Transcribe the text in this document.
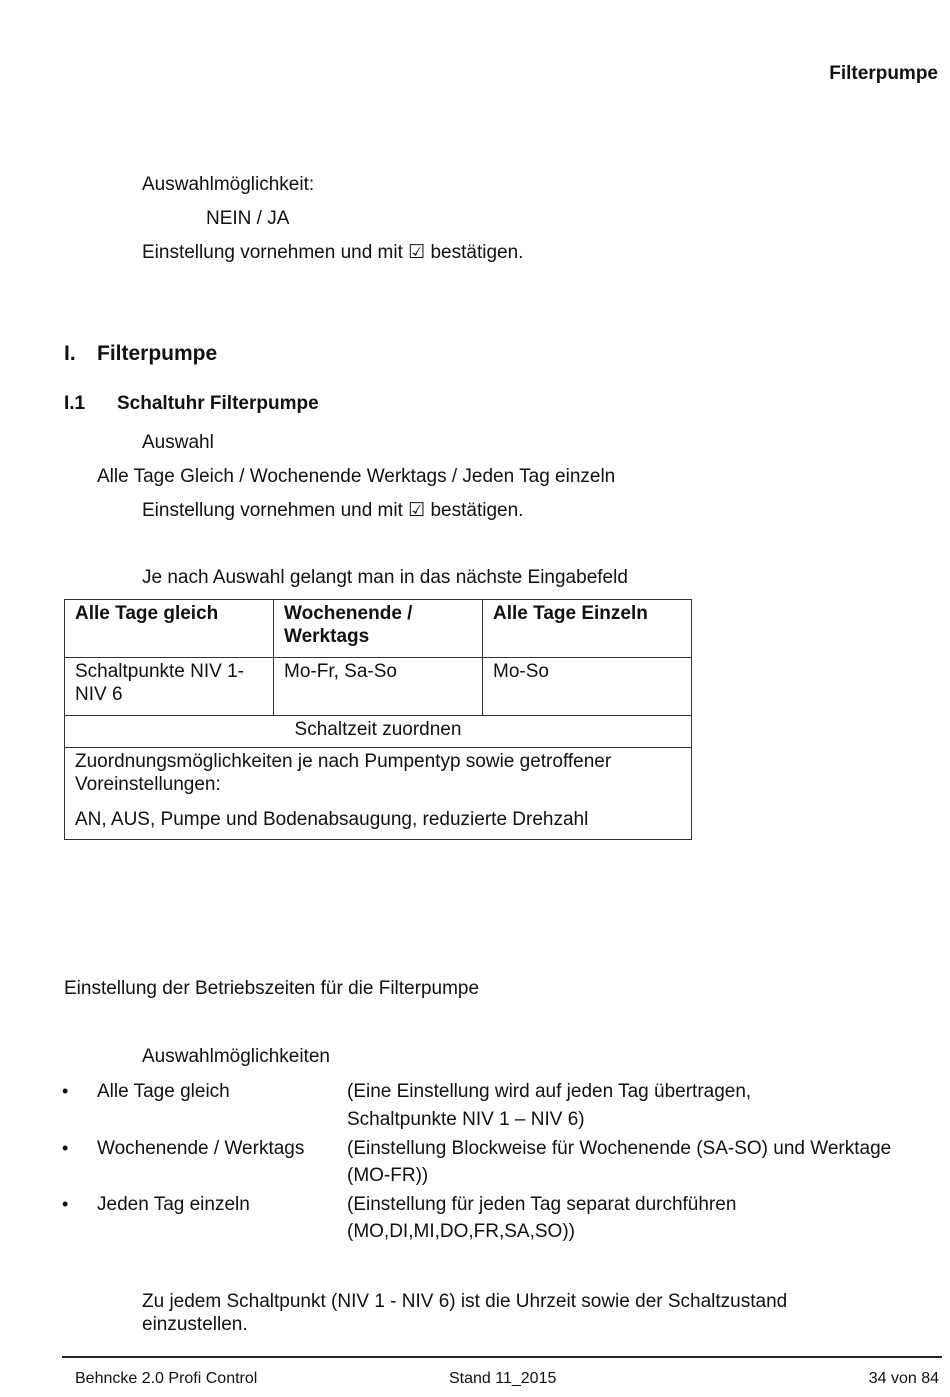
Filterpumpe
Auswahlmöglichkeit:
NEIN / JA
Einstellung vornehmen und mit ☑ bestätigen.
I. Filterpumpe
I.1 Schaltuhr Filterpumpe
Auswahl
Alle Tage Gleich / Wochenende Werktags / Jeden Tag einzeln
Einstellung vornehmen und mit ☑ bestätigen.
Je nach Auswahl gelangt man in das nächste Eingabefeld
Alle Tage gleich	Wochenende / Werktags	Alle Tage Einzeln
Schaltpunkte NIV 1- NIV 6	Mo-Fr, Sa-So	Mo-So
Schaltzeit zuordnen		

Zuordnungsmöglichkeiten je nach Pumpentyp sowie getroffener Voreinstellungen:
AN, AUS, Pumpe und Bodenabsaugung, reduzierte Drehzahl		
Einstellung der Betriebszeiten für die Filterpumpe
Auswahlmöglichkeiten
• Alle Tage gleich	(Eine Einstellung wird auf jeden Tag übertragen,
Schaltpunkte NIV 1 – NIV 6)
• Wochenende / Werktags (Einstellung Blockweise für Wochenende (SA-SO) und Werktage
(MO-FR))
• Jeden Tag einzeln	(Einstellung für jeden Tag separat durchführen
(MO,DI,MI,DO,FR,SA,SO))
Zu jedem Schaltpunkt (NIV 1 - NIV 6) ist die Uhrzeit sowie der Schaltzustand
einzustellen.
Behncke 2.0 Profi Control	Stand 11_2015	34 von 84
